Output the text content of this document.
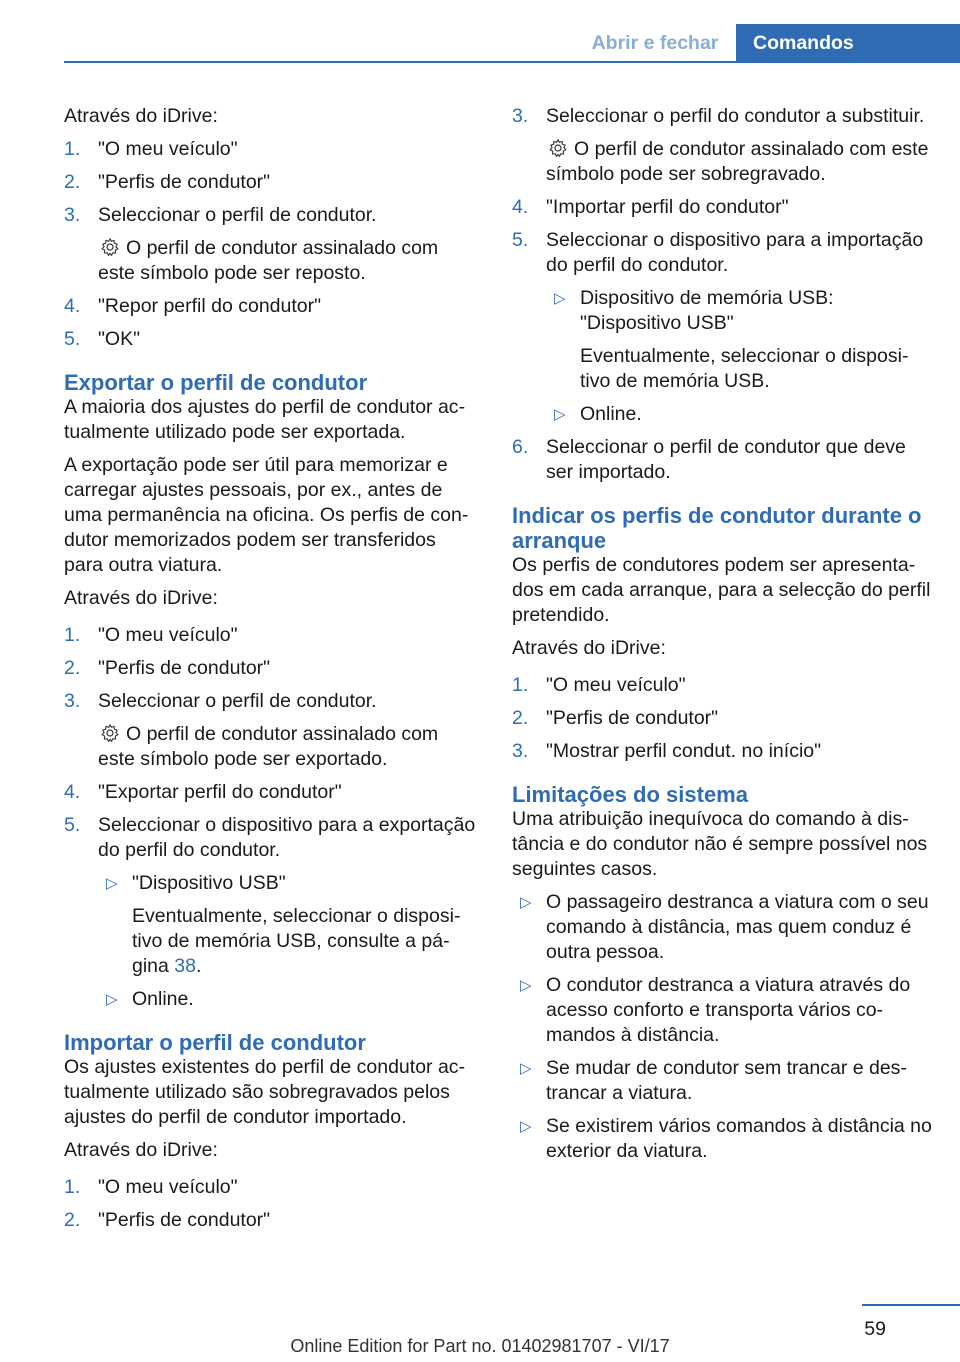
Abrir e fechar	Comandos

Através do iDrive:

1. "O meu veículo"
2. "Perfis de condutor"
3. Seleccionar o perfil de condutor.
O perfil de condutor assinalado com este símbolo pode ser reposto.
4. "Repor perfil do condutor"
5. "OK"
Exportar o perfil de condutor

A maioria dos ajustes do perfil de condutor actualmente utilizado pode ser exportada.

A exportação pode ser útil para memorizar e carregar ajustes pessoais, por ex., antes de uma permanência na oficina. Os perfis de condutor memorizados podem ser transferidos para outra viatura.

Através do iDrive:

1. "O meu veículo"
2. "Perfis de condutor"
3. Seleccionar o perfil de condutor.
O perfil de condutor assinalado com este símbolo pode ser exportado.
4. "Exportar perfil do condutor"
5. Seleccionar o dispositivo para a exportação do perfil do condutor.
▷ "Dispositivo USB"
Eventualmente, seleccionar o dispositivo de memória USB, consulte a página 38.
▷ Online.
Importar o perfil de condutor

Os ajustes existentes do perfil de condutor actualmente utilizado são sobregravados pelos ajustes do perfil de condutor importado.

Através do iDrive:

1. "O meu veículo"
2. "Perfis de condutor"
3. Seleccionar o perfil do condutor a substituir.
O perfil de condutor assinalado com este símbolo pode ser sobregravado.
4. "Importar perfil do condutor"
5. Seleccionar o dispositivo para a importação do perfil do condutor.
▷ Dispositivo de memória USB: "Dispositivo USB"
Eventualmente, seleccionar o dispositivo de memória USB.
▷ Online.
6. Seleccionar o perfil de condutor que deve ser importado.
Indicar os perfis de condutor durante o arranque

Os perfis de condutores podem ser apresentados em cada arranque, para a selecção do perfil pretendido.

Através do iDrive:

1. "O meu veículo"
2. "Perfis de condutor"
3. "Mostrar perfil condut. no início"
Limitações do sistema

Uma atribuição inequívoca do comando à distância e do condutor não é sempre possível nos seguintes casos.

▷ O passageiro destranca a viatura com o seu comando à distância, mas quem conduz é outra pessoa.
▷ O condutor destranca a viatura através do acesso conforto e transporta vários comandos à distância.
▷ Se mudar de condutor sem trancar e destrancar a viatura.
▷ Se existirem vários comandos à distância no exterior da viatura.
59
Online Edition for Part no. 01402981707 - VI/17
